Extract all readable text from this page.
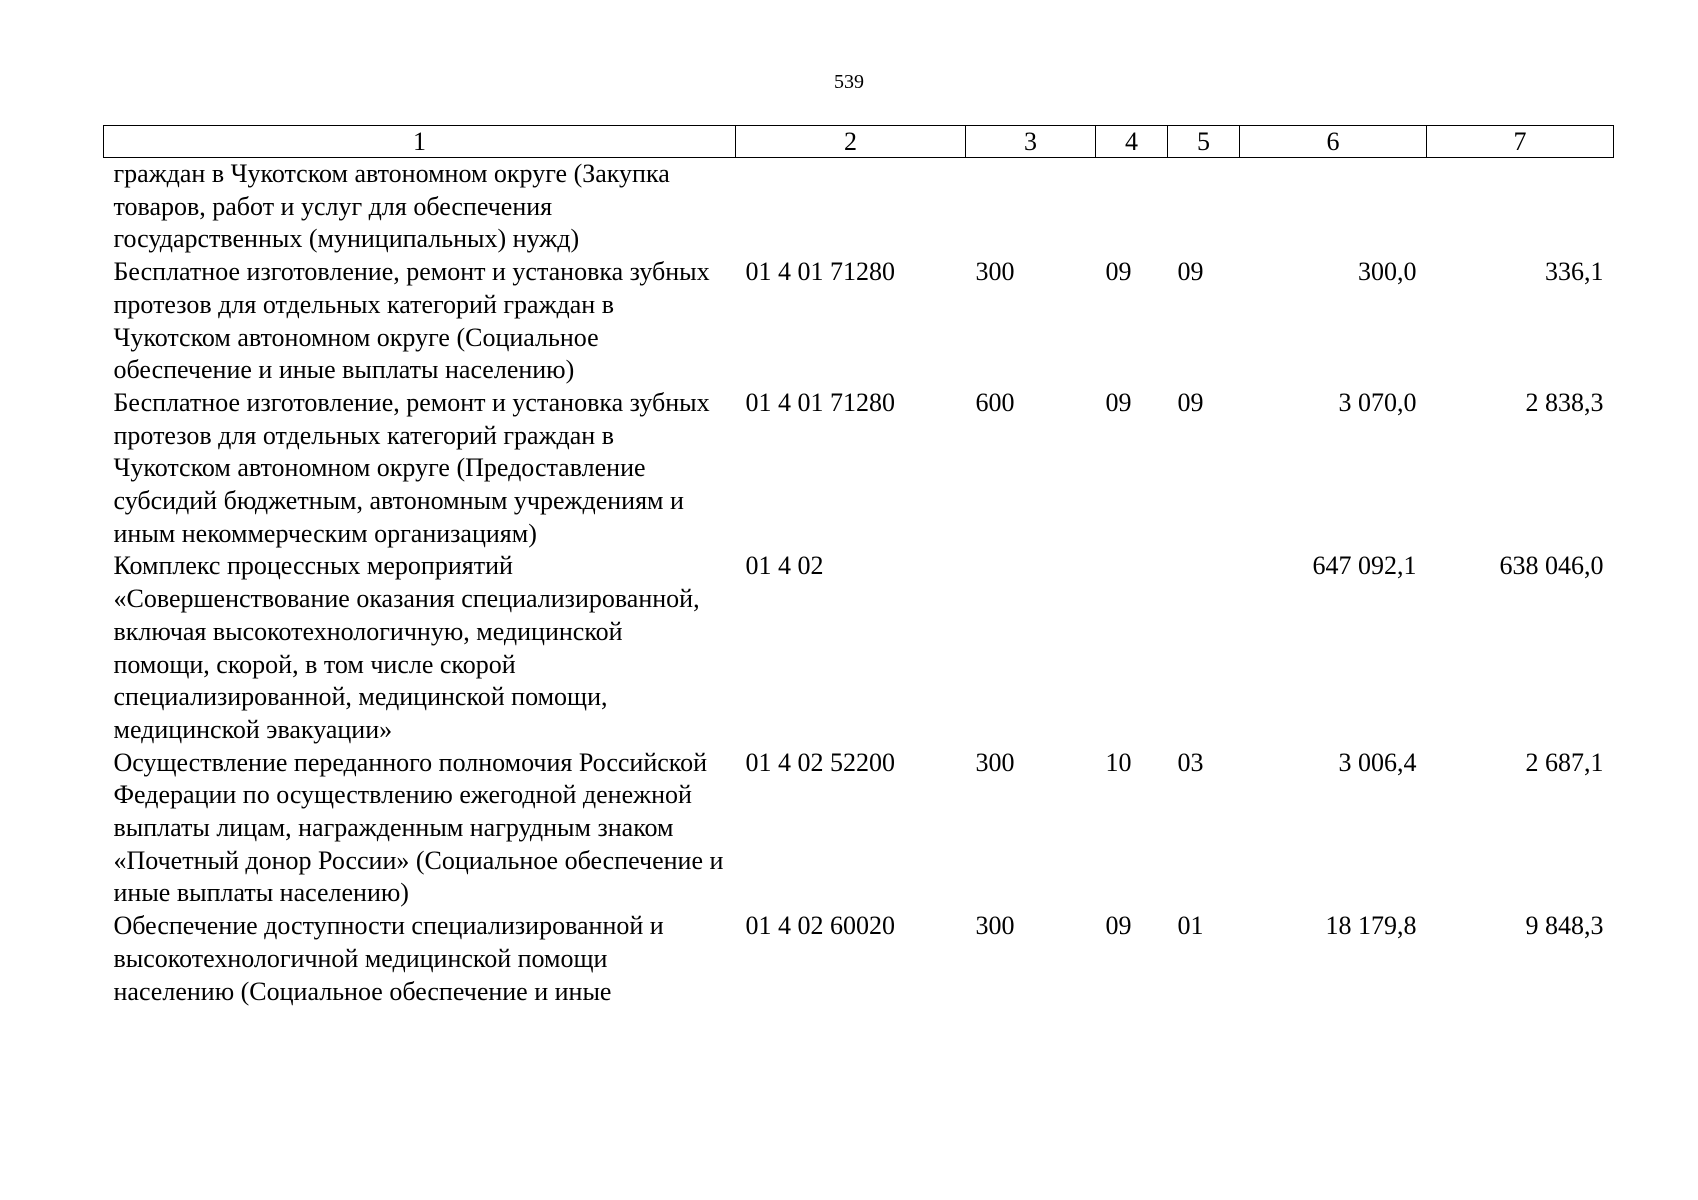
539
1	2	3	4	5	6	7
граждан в Чукотском автономном округе (Закупка товаров, работ и услуг для обеспечения государственных (муниципальных) нужд)						
Бесплатное изготовление, ремонт и установка зубных протезов для отдельных категорий граждан в Чукотском автономном округе (Социальное обеспечение и иные выплаты населению)	01 4 01 71280	300	09	09	300,0	336,1
Бесплатное изготовление, ремонт и установка зубных протезов для отдельных категорий граждан в Чукотском автономном округе (Предоставление субсидий бюджетным, автономным учреждениям и иным некоммерческим организациям)	01 4 01 71280	600	09	09	3 070,0	2 838,3
Комплекс процессных мероприятий «Совершенствование оказания специализированной, включая высокотехнологичную, медицинской помощи, скорой, в том числе скорой специализированной, медицинской помощи, медицинской эвакуации»	01 4 02				647 092,1	638 046,0
Осуществление переданного полномочия Российской Федерации по осуществлению ежегодной денежной выплаты лицам, награжденным нагрудным знаком «Почетный донор России» (Социальное обеспечение и иные выплаты населению)	01 4 02 52200	300	10	03	3 006,4	2 687,1
Обеспечение доступности специализированной и высокотехнологичной медицинской помощи населению (Социальное обеспечение и иные	01 4 02 60020	300	09	01	18 179,8	9 848,3
